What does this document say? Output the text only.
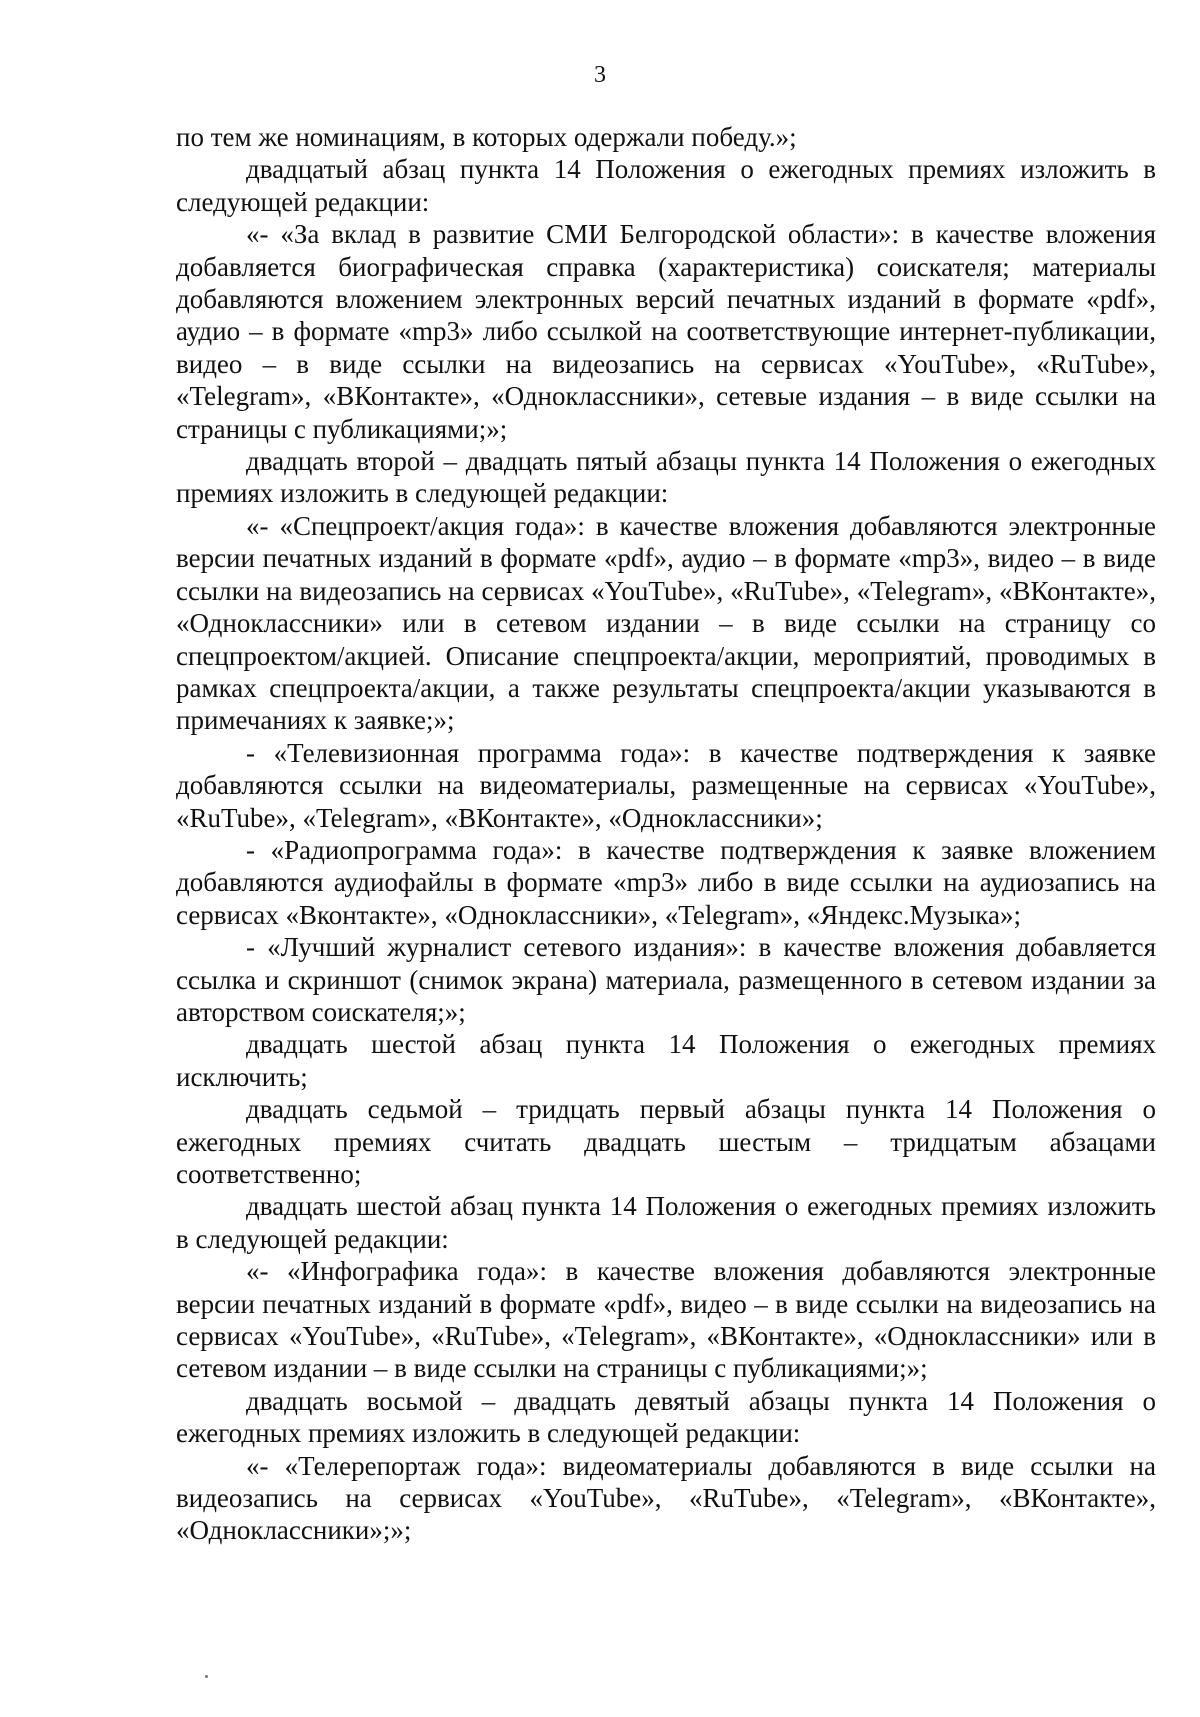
3

по тем же номинациям, в которых одержали победу.»;

двадцатый абзац пункта 14 Положения о ежегодных премиях изложить в следующей редакции:

«- «За вклад в развитие СМИ Белгородской области»: в качестве вложения добавляется биографическая справка (характеристика) соискателя; материалы добавляются вложением электронных версий печатных изданий в формате «pdf», аудио – в формате «mp3» либо ссылкой на соответствующие интернет-публикации, видео – в виде ссылки на видеозапись на сервисах «YouTube», «RuTube», «Telegram», «ВКонтакте», «Одноклассники», сетевые издания – в виде ссылки на страницы с публикациями;»;

двадцать второй – двадцать пятый абзацы пункта 14 Положения о ежегодных премиях изложить в следующей редакции:

«- «Спецпроект/акция года»: в качестве вложения добавляются электронные версии печатных изданий в формате «pdf», аудио – в формате «mp3», видео – в виде ссылки на видеозапись на сервисах «YouTube», «RuTube», «Telegram», «ВКонтакте», «Одноклассники» или в сетевом издании – в виде ссылки на страницу со спецпроектом/акцией. Описание спецпроекта/акции, мероприятий, проводимых в рамках спецпроекта/акции, а также результаты спецпроекта/акции указываются в примечаниях к заявке;»;

- «Телевизионная программа года»: в качестве подтверждения к заявке добавляются ссылки на видеоматериалы, размещенные на сервисах «YouTube», «RuTube», «Telegram», «ВКонтакте», «Одноклассники»;

- «Радиопрограмма года»: в качестве подтверждения к заявке вложением добавляются аудиофайлы в формате «mp3» либо в виде ссылки на аудиозапись на сервисах «Вконтакте», «Одноклассники», «Telegram», «Яндекс.Музыка»;

- «Лучший журналист сетевого издания»: в качестве вложения добавляется ссылка и скриншот (снимок экрана) материала, размещенного в сетевом издании за авторством соискателя;»;

двадцать шестой абзац пункта 14 Положения о ежегодных премиях исключить;

двадцать седьмой – тридцать первый абзацы пункта 14 Положения о ежегодных премиях считать двадцать шестым – тридцатым абзацами соответственно;

двадцать шестой абзац пункта 14 Положения о ежегодных премиях изложить в следующей редакции:

«- «Инфографика года»: в качестве вложения добавляются электронные версии печатных изданий в формате «pdf», видео – в виде ссылки на видеозапись на сервисах «YouTube», «RuTube», «Telegram», «ВКонтакте», «Одноклассники» или в сетевом издании – в виде ссылки на страницы с публикациями;»;

двадцать восьмой – двадцать девятый абзацы пункта 14 Положения о ежегодных премиях изложить в следующей редакции:

«- «Телерепортаж года»: видеоматериалы добавляются в виде ссылки на видеозапись на сервисах «YouTube», «RuTube», «Telegram», «ВКонтакте», «Одноклассники»;»;
